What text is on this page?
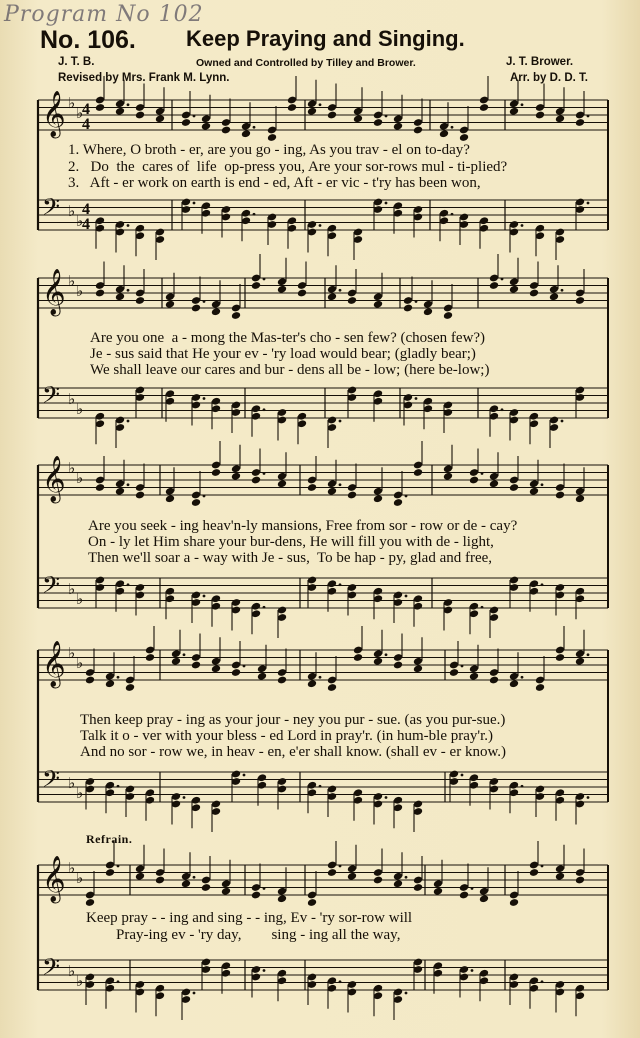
Program No 102
No. 106. Keep Praying and Singing.
J. T. B.	Owned and Controlled by Tilley and Brower.	J. T. Brower.
Revised by Mrs. Frank M. Lynn.	Arr. by D. D. T.
𝄞 ♭
♭
4
4
𝄢 ♭
♭
4
4
𝄞 ♭
♭
𝄢 ♭
♭
𝄞 ♭
♭
𝄢 ♭
♭
𝄞 ♭
♭
𝄢 ♭
♭
𝄞 ♭
♭
𝄢 ♭
♭
1. Where, O broth - er, are you go - ing, As you trav - el on to-day?
2.   Do  the  cares of  life  op-press you, Are your sor-rows mul - ti-plied?
3.   Aft - er work on earth is end - ed, Aft - er vic - t'ry has been won,
Are you one  a - mong the Mas-ter's cho - sen few? (chosen few?)
Je - sus said that He your ev - 'ry load would bear; (gladly bear;)
We shall leave our cares and bur - dens all be - low; (here be-low;)
Are you seek - ing heav'n-ly mansions, Free from sor - row or de - cay?
On - ly let Him share your bur-dens, He will fill you with de - light,
Then we'll soar a - way with Je - sus,  To be hap - py, glad and free,
Then keep pray - ing as your jour - ney you pur - sue. (as you pur-sue.)
Talk it o - ver with your bless - ed Lord in pray'r. (in hum-ble pray'r.)
And no sor - row we, in heav - en, e'er shall know. (shall ev - er know.)
Refrain.
Keep pray - - ing and sing - - ing, Ev - 'ry sor-row will
Pray-ing ev - 'ry day,        sing - ing all the way,
